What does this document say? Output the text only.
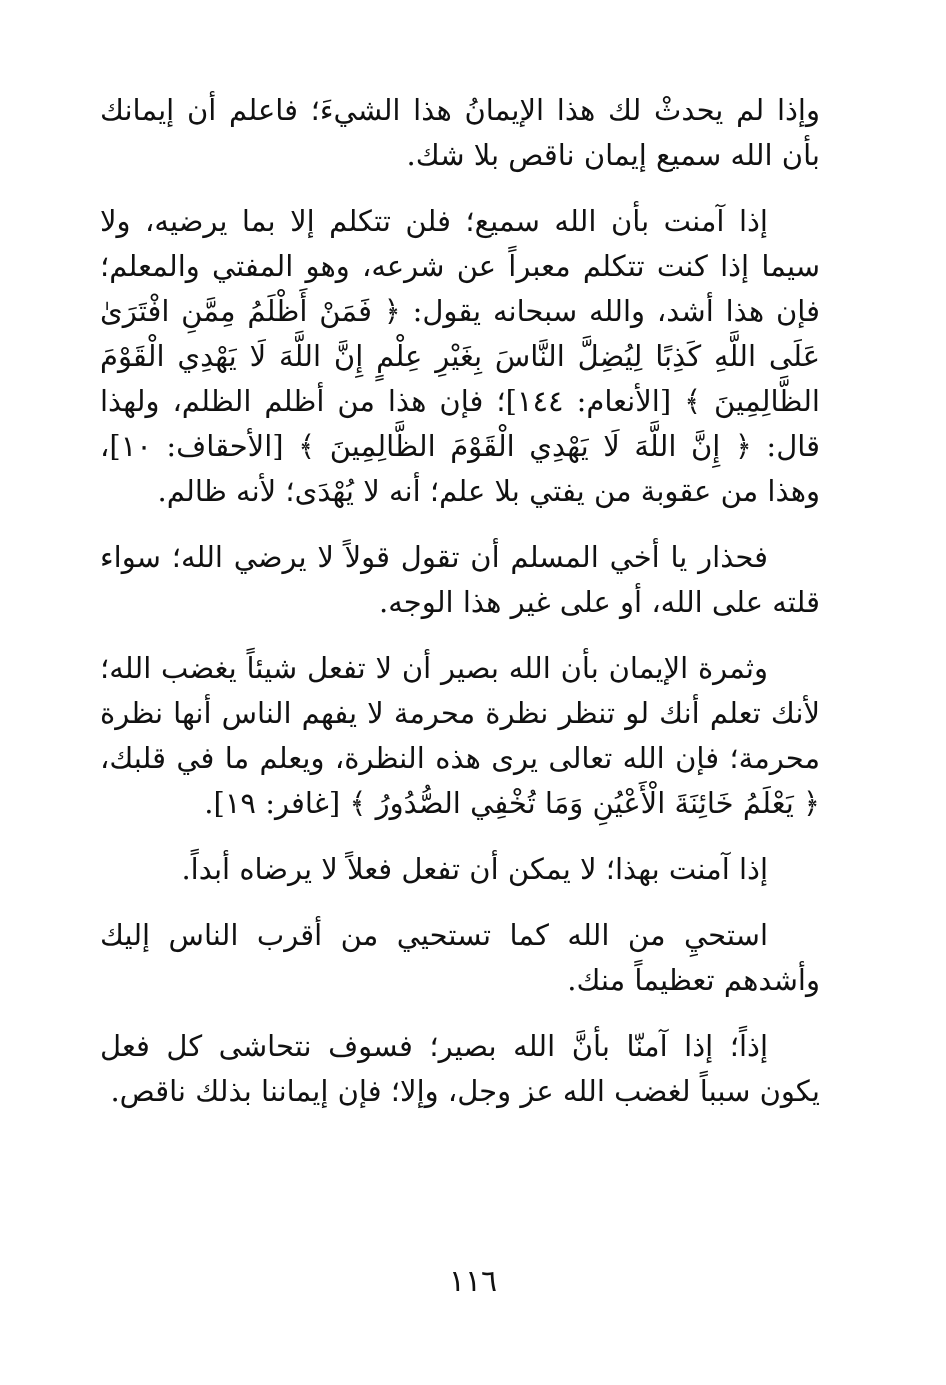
وإذا لم يحدثْ لك هذا الإيمانُ هذا الشيءَ؛ فاعلم أن إيمانك بأن الله سميع إيمان ناقص بلا شك.

إذا آمنت بأن الله سميع؛ فلن تتكلم إلا بما يرضيه، ولا سيما إذا كنت تتكلم معبراً عن شرعه، وهو المفتي والمعلم؛ فإن هذا أشد، والله سبحانه يقول: ﴿ فَمَنْ أَظْلَمُ مِمَّنِ افْتَرَىٰ عَلَى اللَّهِ كَذِبًا لِيُضِلَّ النَّاسَ بِغَيْرِ عِلْمٍ إِنَّ اللَّهَ لَا يَهْدِي الْقَوْمَ الظَّالِمِينَ ﴾ [الأنعام: ١٤٤]؛ فإن هذا من أظلم الظلم، ولهذا قال: ﴿ إِنَّ اللَّهَ لَا يَهْدِي الْقَوْمَ الظَّالِمِينَ ﴾ [الأحقاف: ١٠]، وهذا من عقوبة من يفتي بلا علم؛ أنه لا يُهْدَى؛ لأنه ظالم.

فحذار يا أخي المسلم أن تقول قولاً لا يرضي الله؛ سواء قلته على الله، أو على غير هذا الوجه.

وثمرة الإيمان بأن الله بصير أن لا تفعل شيئاً يغضب الله؛ لأنك تعلم أنك لو تنظر نظرة محرمة لا يفهم الناس أنها نظرة محرمة؛ فإن الله تعالى يرى هذه النظرة، ويعلم ما في قلبك، ﴿ يَعْلَمُ خَائِنَةَ الْأَعْيُنِ وَمَا تُخْفِي الصُّدُورُ ﴾ [غافر: ١٩].

إذا آمنت بهذا؛ لا يمكن أن تفعل فعلاً لا يرضاه أبداً.

استحيِ من الله كما تستحيي من أقرب الناس إليك وأشدهم تعظيماً منك.

إذاً؛ إذا آمنّا بأنَّ الله بصير؛ فسوف نتحاشى كل فعل يكون سبباً لغضب الله عز وجل، وإلا؛ فإن إيماننا بذلك ناقص.

١١٦
